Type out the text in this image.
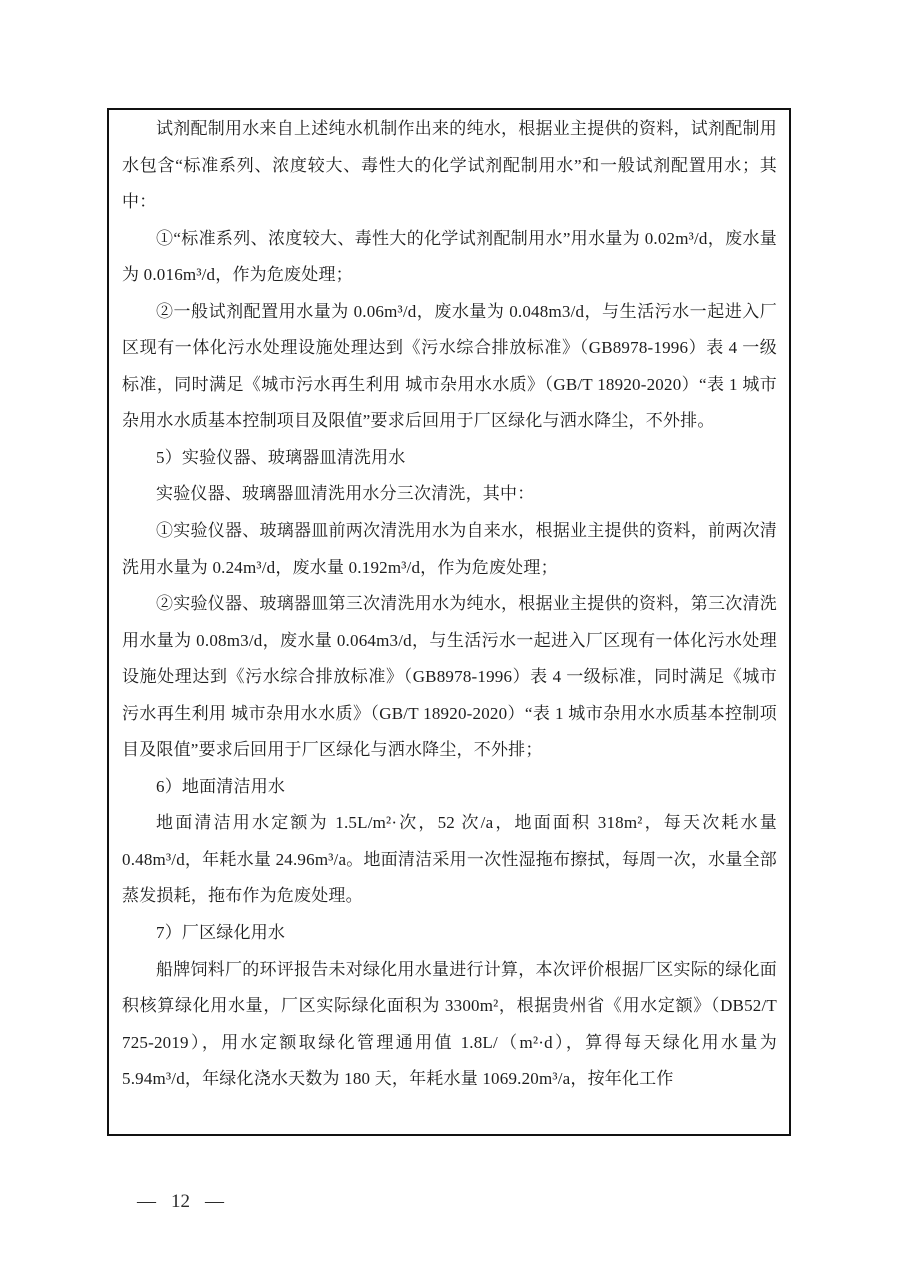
试剂配制用水来自上述纯水机制作出来的纯水，根据业主提供的资料，试剂配制用水包含“标准系列、浓度较大、毒性大的化学试剂配制用水”和一般试剂配置用水；其中：

①“标准系列、浓度较大、毒性大的化学试剂配制用水”用水量为 0.02m³/d，废水量为 0.016m³/d，作为危废处理；

②一般试剂配置用水量为 0.06m³/d，废水量为 0.048m3/d，与生活污水一起进入厂区现有一体化污水处理设施处理达到《污水综合排放标准》（GB8978-1996）表 4 一级标准，同时满足《城市污水再生利用 城市杂用水水质》（GB/T 18920-2020）“表 1 城市杂用水水质基本控制项目及限值”要求后回用于厂区绿化与洒水降尘，不外排。

5）实验仪器、玻璃器皿清洗用水

实验仪器、玻璃器皿清洗用水分三次清洗，其中：

①实验仪器、玻璃器皿前两次清洗用水为自来水，根据业主提供的资料，前两次清洗用水量为 0.24m³/d，废水量 0.192m³/d，作为危废处理；

②实验仪器、玻璃器皿第三次清洗用水为纯水，根据业主提供的资料，第三次清洗用水量为 0.08m3/d，废水量 0.064m3/d，与生活污水一起进入厂区现有一体化污水处理设施处理达到《污水综合排放标准》（GB8978-1996）表 4 一级标准，同时满足《城市污水再生利用 城市杂用水水质》（GB/T 18920-2020）“表 1 城市杂用水水质基本控制项目及限值”要求后回用于厂区绿化与洒水降尘，不外排；

6）地面清洁用水

地面清洁用水定额为 1.5L/m²·次，52 次/a，地面面积 318m²，每天次耗水量 0.48m³/d，年耗水量 24.96m³/a。地面清洁采用一次性湿拖布擦拭，每周一次，水量全部蒸发损耗，拖布作为危废处理。

7）厂区绿化用水

船牌饲料厂的环评报告未对绿化用水量进行计算，本次评价根据厂区实际的绿化面积核算绿化用水量，厂区实际绿化面积为 3300m²，根据贵州省《用水定额》（DB52/T 725-2019），用水定额取绿化管理通用值 1.8L/（m²·d），算得每天绿化用水量为 5.94m³/d，年绿化浇水天数为 180 天，年耗水量 1069.20m³/a，按年化工作

— 12 —
